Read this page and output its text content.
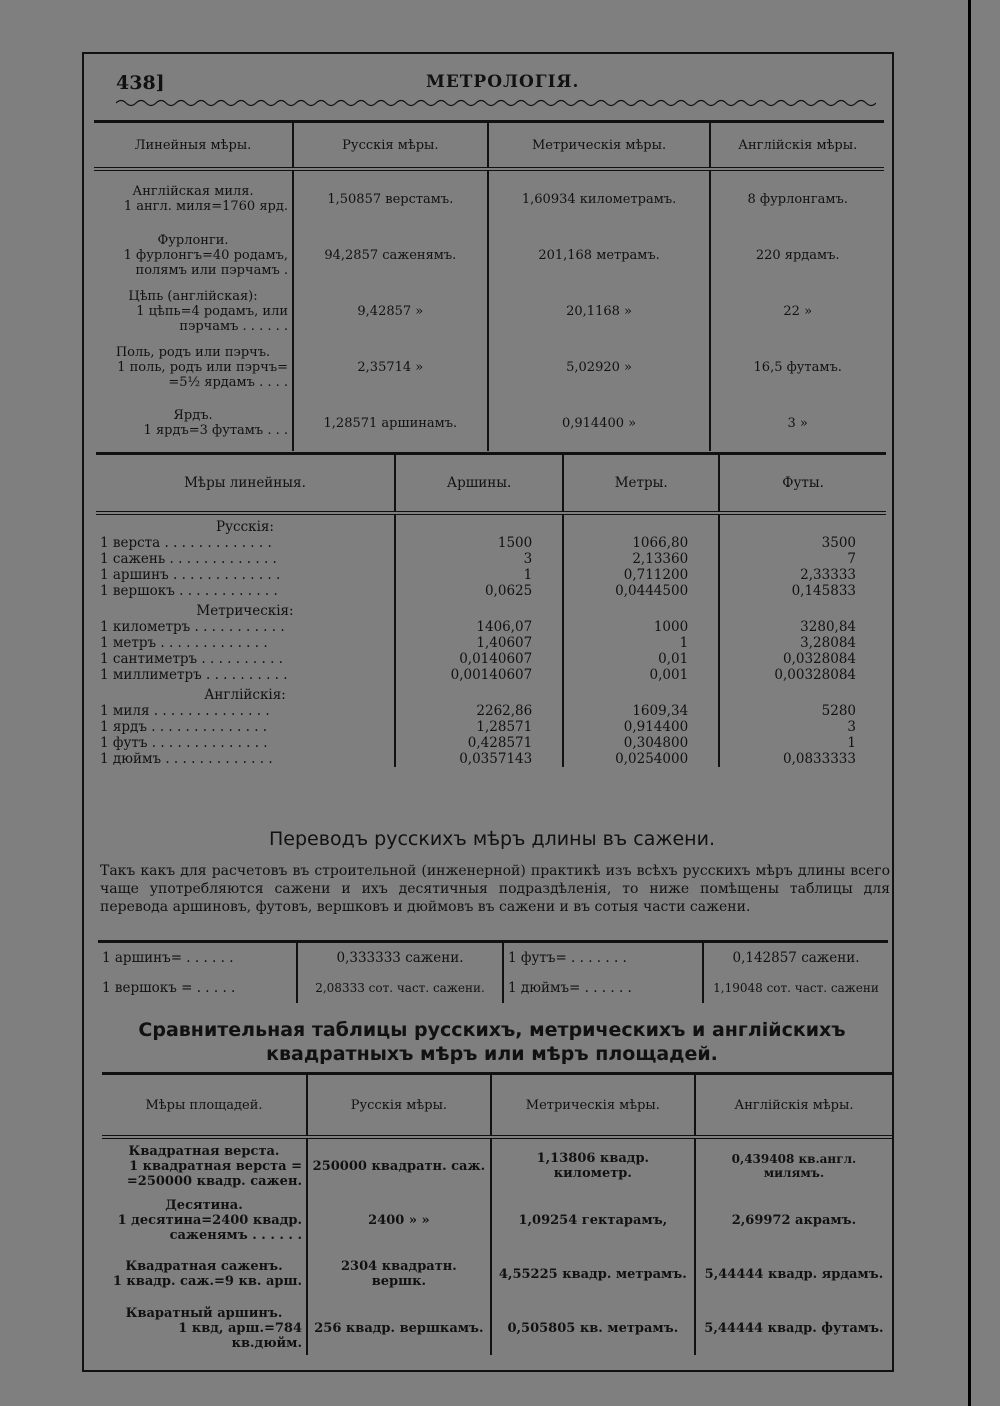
438]	МЕТРОЛОГІЯ.
Линейныя мѣры.	Русскія мѣры.	Метрическія мѣры.	Англійскія мѣры.

Англійская миля.
1 англ. миля=1760 ярд.	1,50857 верстамъ.	1,60934 километрамъ.	8 фурлонгамъ.

Фурлонги.
1 фурлонгъ=40 родамъ, полямъ или пэрчамъ .	94,2857 саженямъ.	201,168 метрамъ.	220 ярдамъ.

Цѣпь (англійская):
1 цѣпь=4 родамъ, или пэрчамъ . . . . . .	9,42857 »	20,1168 »	22 »

Поль, родъ или пэрчъ.
1 поль, родъ или пэрчъ= =5½ ярдамъ . . . .	2,35714 »	5,02920 »	16,5 футамъ.

Ярдъ.
1 ярдъ=3 футамъ . . .	1,28571 аршинамъ.	0,914400 »	3 »
Мѣры линейныя.	Аршины.	Метры.	Футы.
Русскія:			
1 верста . . . . . . . . . . . . .	1500	1066,80	3500
1 сажень . . . . . . . . . . . . .	3	2,13360	7
1 аршинъ . . . . . . . . . . . . .	1	0,711200	2,33333
1 вершокъ . . . . . . . . . . . .	0,0625	0,0444500	0,145833
Метрическія:			
1 километръ . . . . . . . . . . .	1406,07	1000	3280,84
1 метръ . . . . . . . . . . . . .	1,40607	1	3,28084
1 сантиметръ . . . . . . . . . .	0,0140607	0,01	0,0328084
1 миллиметръ . . . . . . . . . .	0,00140607	0,001	0,00328084
Англійскія:			
1 миля . . . . . . . . . . . . . .	2262,86	1609,34	5280
1 ярдъ . . . . . . . . . . . . . .	1,28571	0,914400	3
1 футъ . . . . . . . . . . . . . .	0,428571	0,304800	1
1 дюймъ . . . . . . . . . . . . .	0,0357143	0,0254000	0,0833333
Переводъ русскихъ мѣръ длины въ сажени.
Такъ какъ для расчетовъ въ строительной (инженерной) практикѣ изъ всѣхъ русскихъ мѣръ длины всего чаще употребляются сажени и ихъ десятичныя подраздѣленія, то ниже помѣщены таблицы для перевода аршиновъ, футовъ, вершковъ и дюймовъ въ сажени и въ сотыя части сажени.
1 аршинъ= . . . . . .	0,333333 сажени.	1 футъ= . . . . . . .	0,142857 сажени.
1 вершокъ = . . . . .	2,08333 сот. част. сажени.	1 дюймъ= . . . . . .	1,19048 сот. част. сажени
Сравнительная таблицы русскихъ, метрическихъ и англійскихъ квадратныхъ мѣръ или мѣръ площадей.
Мѣры площадей.	Русскія мѣры.	Метрическія мѣры.	Англійскія мѣры.

Квадратная верста.
1 квадратная верста = =250000 квадр. сажен.	250000 квадратн. саж.	1,13806 квадр. километр.	0,439408 кв.англ. милямъ.

Десятина.
1 десятина=2400 квадр. саженямъ . . . . . .	2400 » »	1,09254 гектарамъ,	2,69972 акрамъ.

Квадратная саженъ.
1 квадр. саж.=9 кв. арш.	2304 квадратн. вершк.	4,55225 квадр. метрамъ.	5,44444 квадр. ярдамъ.

Кваратный аршинъ.
1 квд, арш.=784 кв.дюйм.	256 квадр. вершкамъ.	0,505805 кв. метрамъ.	5,44444 квадр. футамъ.
